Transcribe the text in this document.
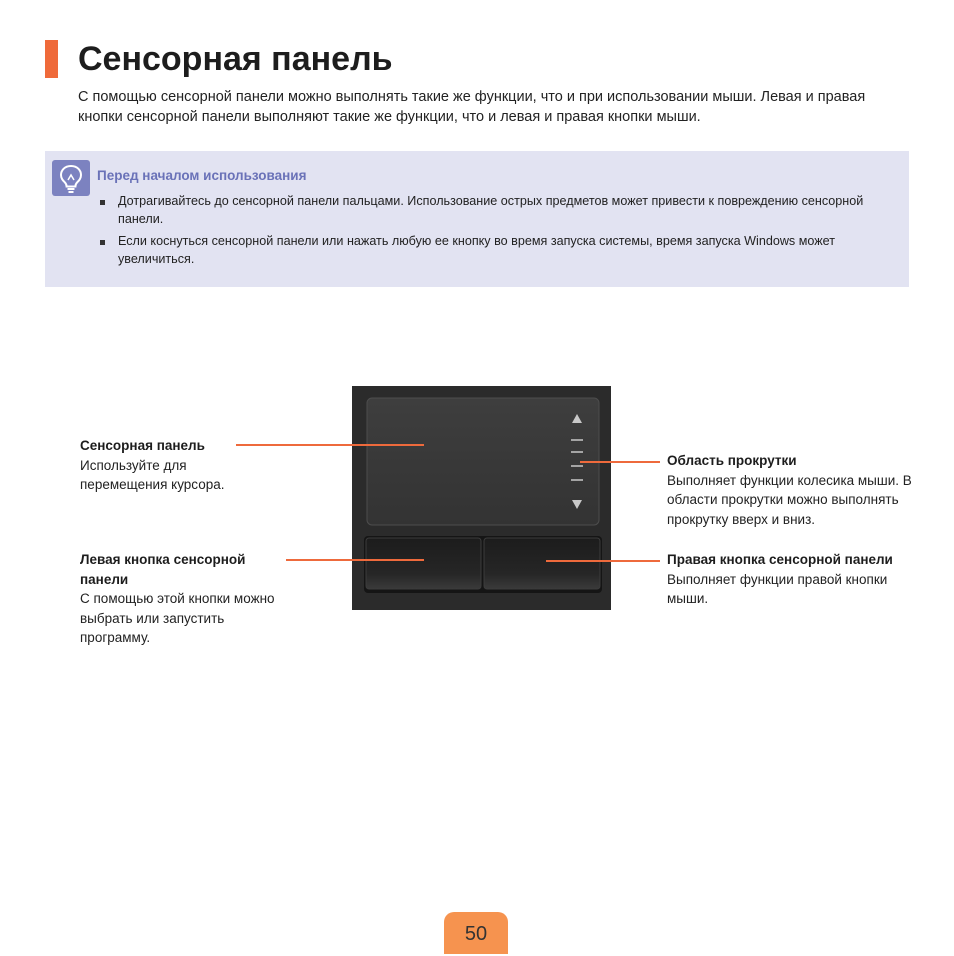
Сенсорная панель

С помощью сенсорной панели можно выполнять такие же функции, что и при использовании мыши. Левая и правая кнопки сенсорной панели выполняют такие же функции, что и левая и правая кнопки мыши.

Перед началом использования
Дотрагивайтесь до сенсорной панели пальцами. Использование острых предметов может привести к повреждению сенсорной панели.
Если коснуться сенсорной панели или нажать любую ее кнопку во время запуска системы, время запуска Windows может увеличиться.
Сенсорная панель
Используйте для перемещения курсора.
Область прокрутки
Выполняет функции колесика мыши. В области прокрутки можно выполнять прокрутку вверх и вниз.
Левая кнопка сенсорной панели
С помощью этой кнопки можно выбрать или запустить программу.
Правая кнопка сенсорной панели
Выполняет функции правой кнопки мыши.
50
